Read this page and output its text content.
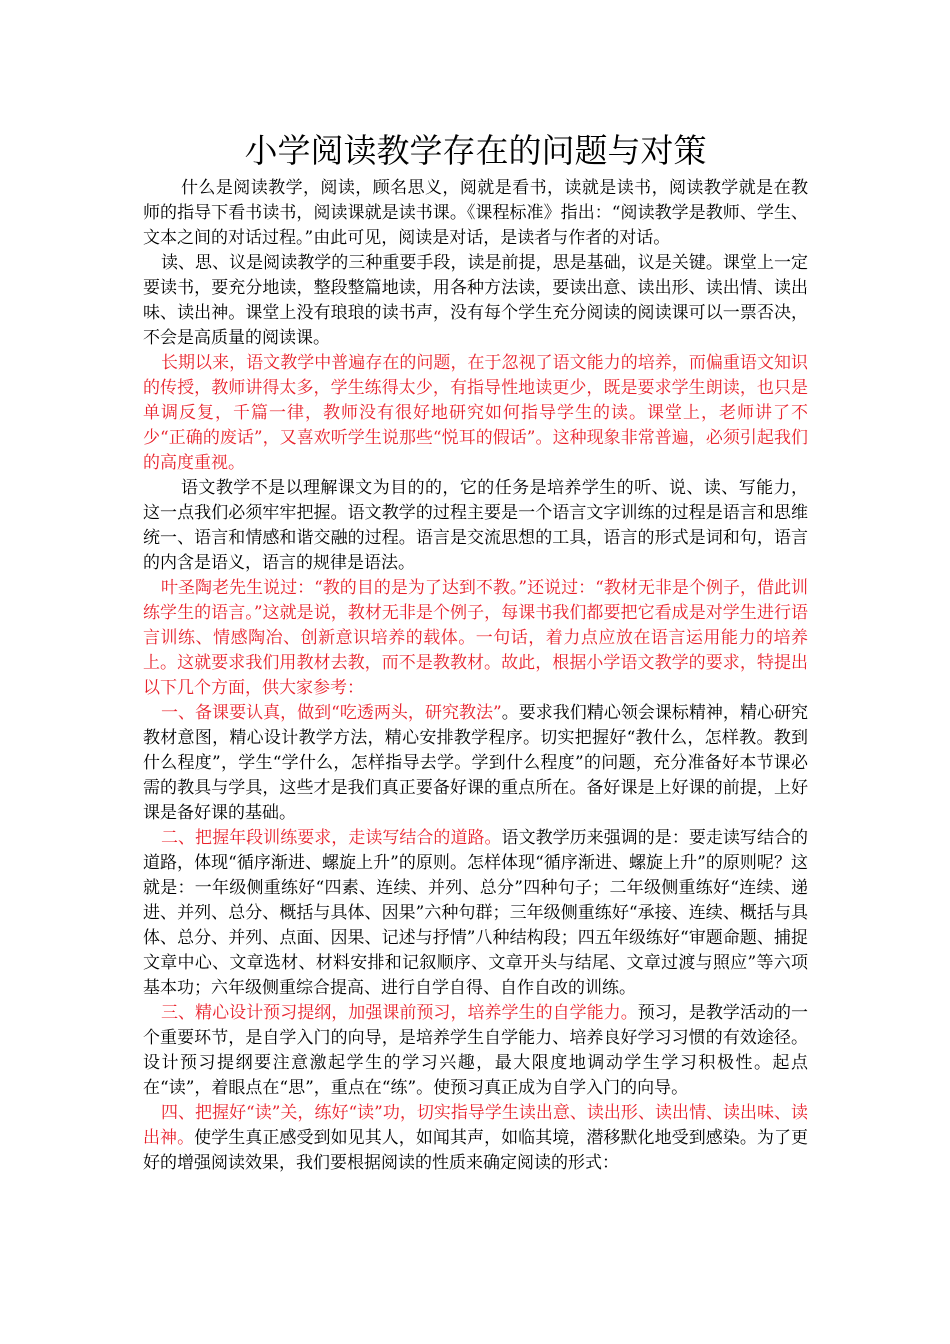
小学阅读教学存在的问题与对策

什么是阅读教学，阅读，顾名思义，阅就是看书，读就是读书，阅读教学就是在教师的指导下看书读书，阅读课就是读书课。《课程标准》指出：“阅读教学是教师、学生、文本之间的对话过程。”由此可见，阅读是对话，是读者与作者的对话。

读、思、议是阅读教学的三种重要手段，读是前提，思是基础，议是关键。课堂上一定要读书，要充分地读，整段整篇地读，用各种方法读，要读出意、读出形、读出情、读出味、读出神。课堂上没有琅琅的读书声，没有每个学生充分阅读的阅读课可以一票否决，不会是高质量的阅读课。

长期以来，语文教学中普遍存在的问题，在于忽视了语文能力的培养，而偏重语文知识的传授，教师讲得太多，学生练得太少，有指导性地读更少，既是要求学生朗读，也只是单调反复，千篇一律，教师没有很好地研究如何指导学生的读。课堂上，老师讲了不少“正确的废话”，又喜欢听学生说那些“悦耳的假话”。这种现象非常普遍，必须引起我们的高度重视。

语文教学不是以理解课文为目的的，它的任务是培养学生的听、说、读、写能力，这一点我们必须牢牢把握。语文教学的过程主要是一个语言文字训练的过程是语言和思维统一、语言和情感和谐交融的过程。语言是交流思想的工具，语言的形式是词和句，语言的内含是语义，语言的规律是语法。

叶圣陶老先生说过：“教的目的是为了达到不教。”还说过：“教材无非是个例子，借此训练学生的语言。”这就是说，教材无非是个例子，每课书我们都要把它看成是对学生进行语言训练、情感陶冶、创新意识培养的载体。一句话，着力点应放在语言运用能力的培养上。这就要求我们用教材去教，而不是教教材。故此，根据小学语文教学的要求，特提出以下几个方面，供大家参考：

一、备课要认真，做到“吃透两头，研究教法”。要求我们精心领会课标精神，精心研究教材意图，精心设计教学方法，精心安排教学程序。切实把握好“教什么，怎样教。教到什么程度”，学生“学什么，怎样指导去学。学到什么程度”的问题，充分准备好本节课必需的教具与学具，这些才是我们真正要备好课的重点所在。备好课是上好课的前提，上好课是备好课的基础。

二、把握年段训练要求，走读写结合的道路。语文教学历来强调的是：要走读写结合的道路，体现“循序渐进、螺旋上升”的原则。怎样体现“循序渐进、螺旋上升”的原则呢？这就是：一年级侧重练好“四素、连续、并列、总分”四种句子；二年级侧重练好“连续、递进、并列、总分、概括与具体、因果”六种句群；三年级侧重练好“承接、连续、概括与具体、总分、并列、点面、因果、记述与抒情”八种结构段；四五年级练好“审题命题、捕捉文章中心、文章选材、材料安排和记叙顺序、文章开头与结尾、文章过渡与照应”等六项基本功；六年级侧重综合提高、进行自学自得、自作自改的训练。

三、精心设计预习提纲，加强课前预习，培养学生的自学能力。预习，是教学活动的一个重要环节，是自学入门的向导，是培养学生自学能力、培养良好学习习惯的有效途径。设计预习提纲要注意激起学生的学习兴趣，最大限度地调动学生学习积极性。起点在“读”，着眼点在“思”，重点在“练”。使预习真正成为自学入门的向导。

四、把握好“读”关，练好“读”功，切实指导学生读出意、读出形、读出情、读出味、读出神。使学生真正感受到如见其人，如闻其声，如临其境，潜移默化地受到感染。为了更好的增强阅读效果，我们要根据阅读的性质来确定阅读的形式：
